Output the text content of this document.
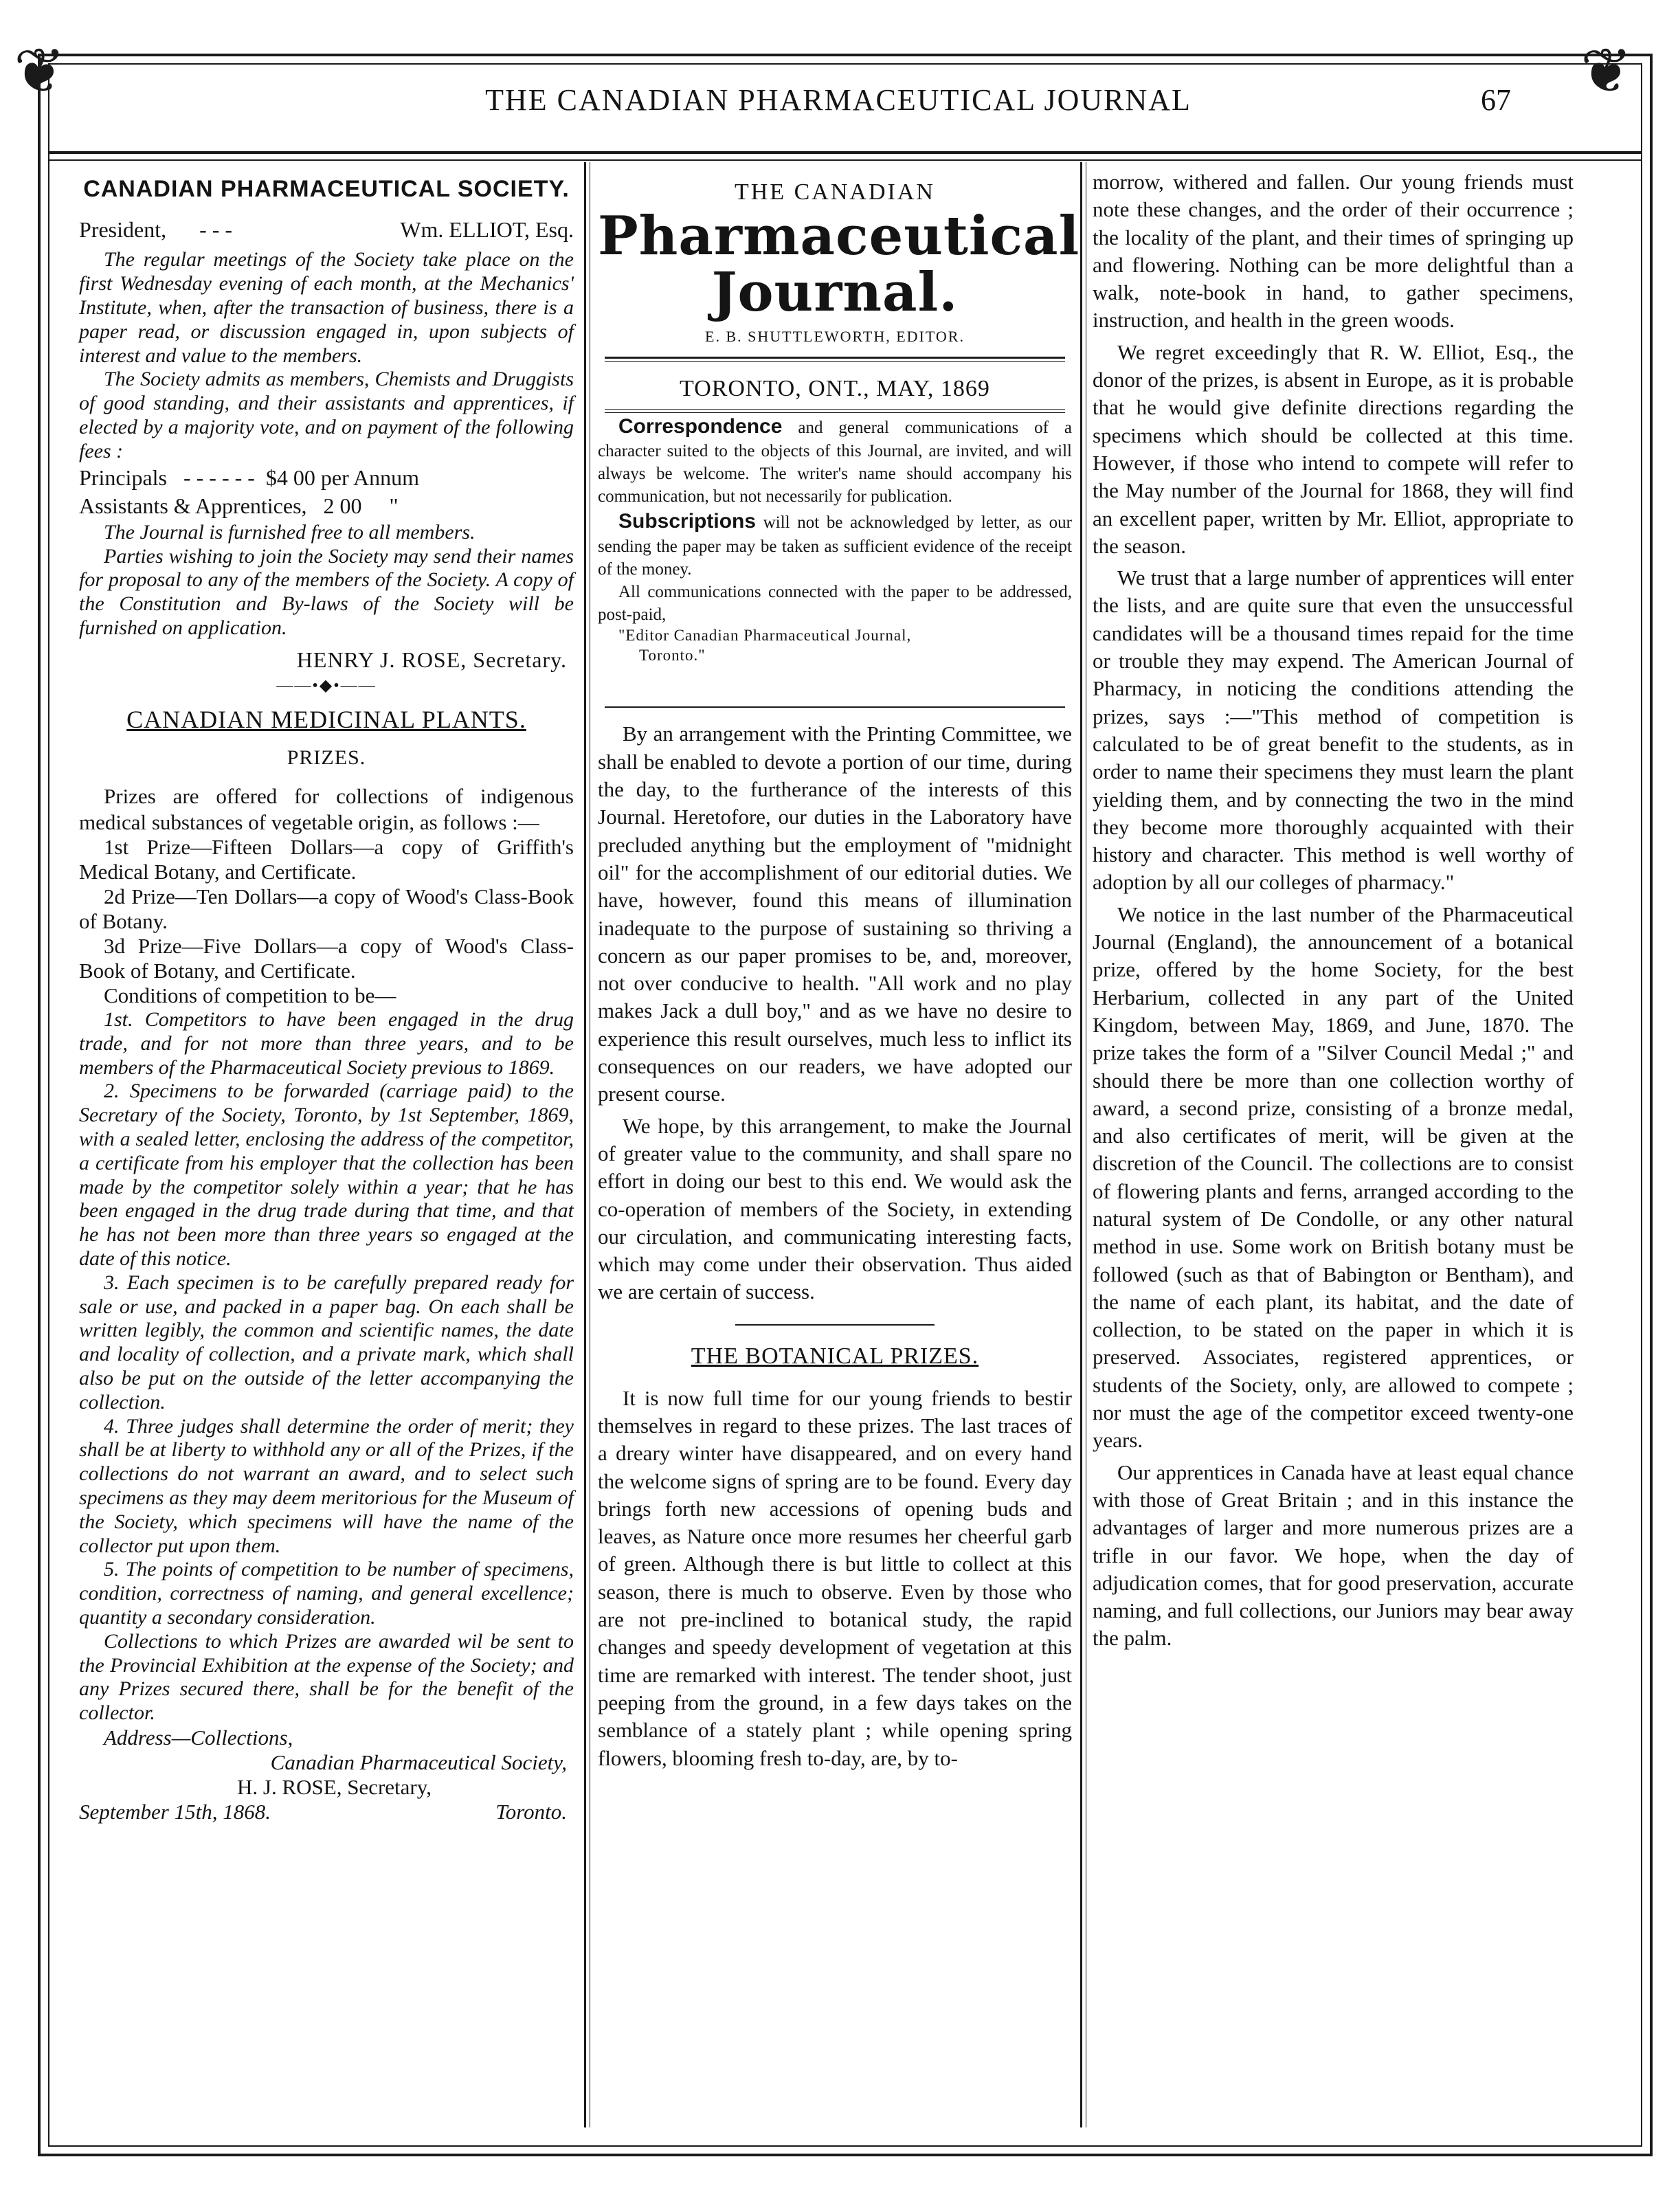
❦	❦
THE CANADIAN PHARMACEUTICAL JOURNAL	67
CANADIAN PHARMACEUTICAL SOCIETY.
President, - - -	Wm. ELLIOT, Esq.

The regular meetings of the Society take place on the first Wednesday evening of each month, at the Mechanics' Institute, when, after the transaction of business, there is a paper read, or discussion engaged in, upon subjects of interest and value to the members.

The Society admits as members, Chemists and Druggists of good standing, and their assistants and apprentices, if elected by a majority vote, and on payment of the following fees :

Principals   - - - - - -  $4 00 per Annum
Assistants & Apprentices,   2 00     "

The Journal is furnished free to all members.

Parties wishing to join the Society may send their names for proposal to any of the members of the Society. A copy of the Constitution and By-laws of the Society will be furnished on application.

HENRY J. ROSE, Secretary.
——•◆•——
CANADIAN MEDICINAL PLANTS.
PRIZES.

Prizes are offered for collections of indigenous medical substances of vegetable origin, as follows :—

1st Prize—Fifteen Dollars—a copy of Griffith's Medical Botany, and Certificate.

2d Prize—Ten Dollars—a copy of Wood's Class-Book of Botany.

3d Prize—Five Dollars—a copy of Wood's Class-Book of Botany, and Certificate.

Conditions of competition to be—

1st. Competitors to have been engaged in the drug trade, and for not more than three years, and to be members of the Pharmaceutical Society previous to 1869.

2. Specimens to be forwarded (carriage paid) to the Secretary of the Society, Toronto, by 1st September, 1869, with a sealed letter, enclosing the address of the competitor, a certificate from his employer that the collection has been made by the competitor solely within a year; that he has been engaged in the drug trade during that time, and that he has not been more than three years so engaged at the date of this notice.

3. Each specimen is to be carefully prepared ready for sale or use, and packed in a paper bag. On each shall be written legibly, the common and scientific names, the date and locality of collection, and a private mark, which shall also be put on the outside of the letter accompanying the collection.

4. Three judges shall determine the order of merit; they shall be at liberty to withhold any or all of the Prizes, if the collections do not warrant an award, and to select such specimens as they may deem meritorious for the Museum of the Society, which specimens will have the name of the collector put upon them.

5. The points of competition to be number of specimens, condition, correctness of naming, and general excellence; quantity a secondary consideration.

Collections to which Prizes are awarded wil be sent to the Provincial Exhibition at the expense of the Society; and any Prizes secured there, shall be for the benefit of the collector.

Address—Collections,
Canadian Pharmaceutical Society,
H. J. ROSE, Secretary,
September 15th, 1868.	Toronto.
THE CANADIAN
Pharmaceutical Journal.
E. B. SHUTTLEWORTH, EDITOR.
TORONTO, ONT., MAY, 1869

Correspondence and general communications of a character suited to the objects of this Journal, are invited, and will always be welcome. The writer's name should accompany his communication, but not necessarily for publication.

Subscriptions will not be acknowledged by letter, as our sending the paper may be taken as sufficient evidence of the receipt of the money.

All communications connected with the paper to be addressed, post-paid,

"Editor Canadian Pharmaceutical Journal,
Toronto."

By an arrangement with the Printing Committee, we shall be enabled to devote a portion of our time, during the day, to the furtherance of the interests of this Journal. Heretofore, our duties in the Laboratory have precluded anything but the employment of "midnight oil" for the accomplishment of our editorial duties. We have, however, found this means of illumination inadequate to the purpose of sustaining so thriving a concern as our paper promises to be, and, moreover, not over conducive to health. "All work and no play makes Jack a dull boy," and as we have no desire to experience this result ourselves, much less to inflict its consequences on our readers, we have adopted our present course.

We hope, by this arrangement, to make the Journal of greater value to the community, and shall spare no effort in doing our best to this end. We would ask the co-operation of members of the Society, in extending our circulation, and communicating interesting facts, which may come under their observation. Thus aided we are certain of success.

THE BOTANICAL PRIZES.

It is now full time for our young friends to bestir themselves in regard to these prizes. The last traces of a dreary winter have disappeared, and on every hand the welcome signs of spring are to be found. Every day brings forth new accessions of opening buds and leaves, as Nature once more resumes her cheerful garb of green. Although there is but little to collect at this season, there is much to observe. Even by those who are not pre-inclined to botanical study, the rapid changes and speedy development of vegetation at this time are remarked with interest. The tender shoot, just peeping from the ground, in a few days takes on the semblance of a stately plant ; while opening spring flowers, blooming fresh to-day, are, by to-

morrow, withered and fallen. Our young friends must note these changes, and the order of their occurrence ; the locality of the plant, and their times of springing up and flowering. Nothing can be more delightful than a walk, note-book in hand, to gather specimens, instruction, and health in the green woods.

We regret exceedingly that R. W. Elliot, Esq., the donor of the prizes, is absent in Europe, as it is probable that he would give definite directions regarding the specimens which should be collected at this time. However, if those who intend to compete will refer to the May number of the Journal for 1868, they will find an excellent paper, written by Mr. Elliot, appropriate to the season.

We trust that a large number of apprentices will enter the lists, and are quite sure that even the unsuccessful candidates will be a thousand times repaid for the time or trouble they may expend. The American Journal of Pharmacy, in noticing the conditions attending the prizes, says :—"This method of competition is calculated to be of great benefit to the students, as in order to name their specimens they must learn the plant yielding them, and by connecting the two in the mind they become more thoroughly acquainted with their history and character. This method is well worthy of adoption by all our colleges of pharmacy."

We notice in the last number of the Pharmaceutical Journal (England), the announcement of a botanical prize, offered by the home Society, for the best Herbarium, collected in any part of the United Kingdom, between May, 1869, and June, 1870. The prize takes the form of a "Silver Council Medal ;" and should there be more than one collection worthy of award, a second prize, consisting of a bronze medal, and also certificates of merit, will be given at the discretion of the Council. The collections are to consist of flowering plants and ferns, arranged according to the natural system of De Condolle, or any other natural method in use. Some work on British botany must be followed (such as that of Babington or Bentham), and the name of each plant, its habitat, and the date of collection, to be stated on the paper in which it is preserved. Associates, registered apprentices, or students of the Society, only, are allowed to compete ; nor must the age of the competitor exceed twenty-one years.

Our apprentices in Canada have at least equal chance with those of Great Britain ; and in this instance the advantages of larger and more numerous prizes are a trifle in our favor. We hope, when the day of adjudication comes, that for good preservation, accurate naming, and full collections, our Juniors may bear away the palm.
